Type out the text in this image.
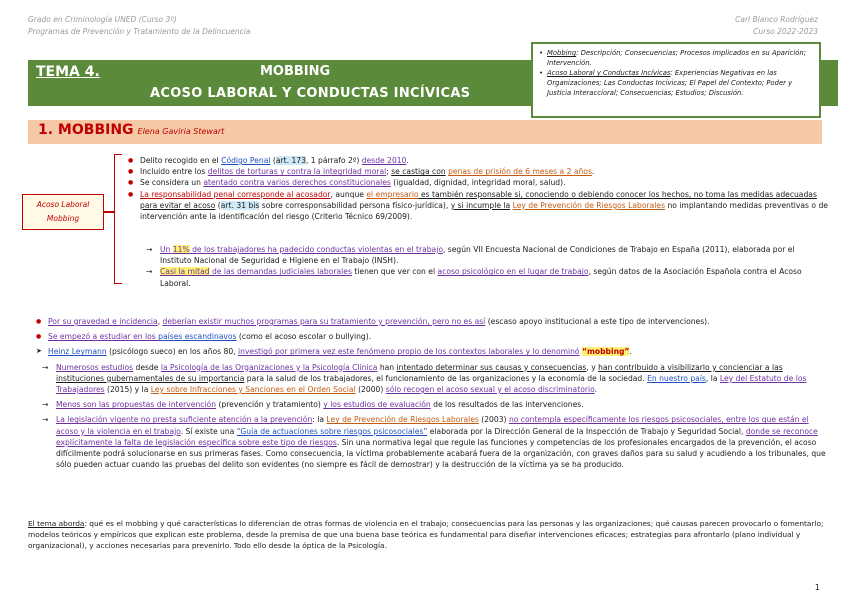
Grado en Criminología UNED (Curso 3º)
Programas de Prevención y Tratamiento de la Delincuencia
Cari Blanco Rodríguez
Curso 2022-2023
TEMA 4.	MOBBING
ACOSO LABORAL Y CONDUCTAS INCÍVICAS
• Mobbing: Descripción; Consecuencias; Procesos implicados en su Aparición; Intervención.
• Acoso Laboral y Conductas Incívicas: Experiencias Negativas en las Organizaciones; Las Conductas Incívicas; El Papel del Contexto; Poder y Justicia Interaccioral; Consecuencias; Estudios; Discusión.
1. MOBBING Elena Gaviria Stewart
Acoso Laboral
Mobbing
● Delito recogido en el Código Penal (art. 173, 1 párrafo 2º) desde 2010.
● Incluido entre los delitos de torturas y contra la integridad moral; se castiga con penas de prisión de 6 meses a 2 años.
● Se considera un atentado contra varios derechos constitucionales (igualdad, dignidad, integridad moral, salud).
● La responsabilidad penal corresponde al acosador, aunque el empresario es también responsable si, conociendo o debiendo conocer los hechos, no toma las medidas adecuadas para evitar el acoso (art. 31 bis sobre corresponsabilidad persona físico-jurídica), y si incumple la Ley de Prevención de Riesgos Laborales no implantando medidas preventivas o de intervención ante la identificación del riesgo (Criterio Técnico 69/2009).
→ Un 11% de los trabajadores ha padecido conductas violentas en el trabajo, según VII Encuesta Nacional de Condiciones de Trabajo en España (2011), elaborada por el Instituto Nacional de Seguridad e Higiene en el Trabajo (INSH).
→ Casi la mitad de las demandas judiciales laborales tienen que ver con el acoso psicológico en el lugar de trabajo, según datos de la Asociación Española contra el Acoso Laboral.
● Por su gravedad e incidencia, deberían existir muchos programas para su tratamiento y prevención, pero no es así (escaso apoyo institucional a este tipo de intervenciones).
● Se empezó a estudiar en los países escandinavos (como el acoso escolar o bullying).
➤ Heinz Leymann (psicólogo sueco) en los años 80, investigó por primera vez este fenómeno propio de los contextos laborales y lo denominó “mobbing”.
→ Numerosos estudios desde la Psicología de las Organizaciones y la Psicología Clínica han intentado determinar sus causas y consecuencias, y han contribuido a visibilizarlo y concienciar a las instituciones gubernamentales de su importancia para la salud de los trabajadores, el funcionamiento de las organizaciones y la economía de la sociedad. En nuestro país, la Ley del Estatuto de los Trabajadores (2015) y la Ley sobre Infracciones y Sanciones en el Orden Social (2000) sólo recogen el acoso sexual y el acoso discriminatorio.
→ Menos son las propuestas de intervención (prevención y tratamiento) y los estudios de evaluación de los resultados de las intervenciones.
→ La legislación vigente no presta suficiente atención a la prevención: la Ley de Prevención de Riesgos Laborales (2003) no contempla específicamente los riesgos psicosociales, entre los que están el acoso y la violencia en el trabajo. Sí existe una “Guía de actuaciones sobre riesgos psicosociales” elaborada por la Dirección General de la Inspección de Trabajo y Seguridad Social, donde se reconoce explícitamente la falta de legislación específica sobre este tipo de riesgos. Sin una normativa legal que regule las funciones y competencias de los profesionales encargados de la prevención, el acoso difícilmente podrá solucionarse en sus primeras fases. Como consecuencia, la víctima probablemente acabará fuera de la organización, con graves daños para su salud y acudiendo a los tribunales, que sólo pueden actuar cuando las pruebas del delito son evidentes (no siempre es fácil de demostrar) y la destrucción de la víctima ya se ha producido.
El tema aborda: qué es el mobbing y qué características lo diferencian de otras formas de violencia en el trabajo; consecuencias para las personas y las organizaciones; qué causas parecen provocarlo o fomentarlo; modelos teóricos y empíricos que explican este problema, desde la premisa de que una buena base teórica es fundamental para diseñar intervenciones eficaces; estrategias para afrontarlo (plano individual y organizacional), y acciones necesarias para prevenirlo. Todo ello desde la óptica de la Psicología.
1
